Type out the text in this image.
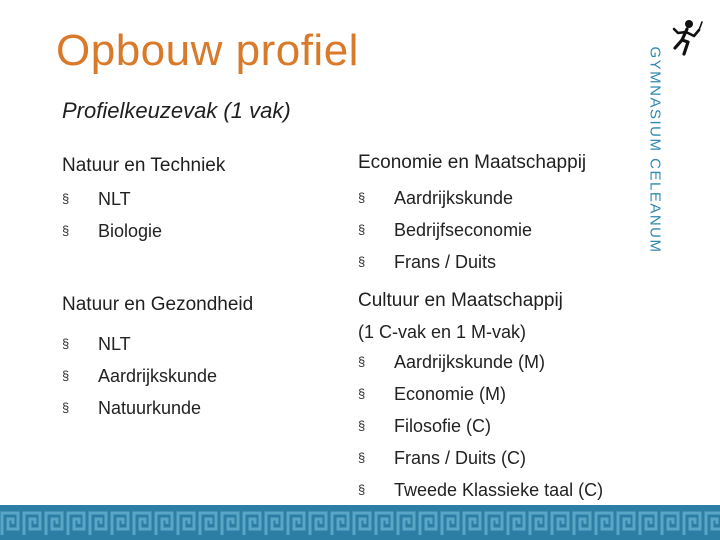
Opbouw profiel
Profielkeuzevak (1 vak)
Natuur en Techniek
§ NLT
§ Biologie
Economie en Maatschappij
§ Aardrijkskunde
§ Bedrijfseconomie
§ Frans / Duits
Natuur en Gezondheid
§ NLT
§ Aardrijkskunde
§ Natuurkunde
Cultuur en Maatschappij
(1 C-vak en 1 M-vak)
§ Aardrijkskunde (M)
§ Economie (M)
§ Filosofie (C)
§ Frans / Duits (C)
§ Tweede Klassieke taal (C)
GYMNASIUM CELEANUM
